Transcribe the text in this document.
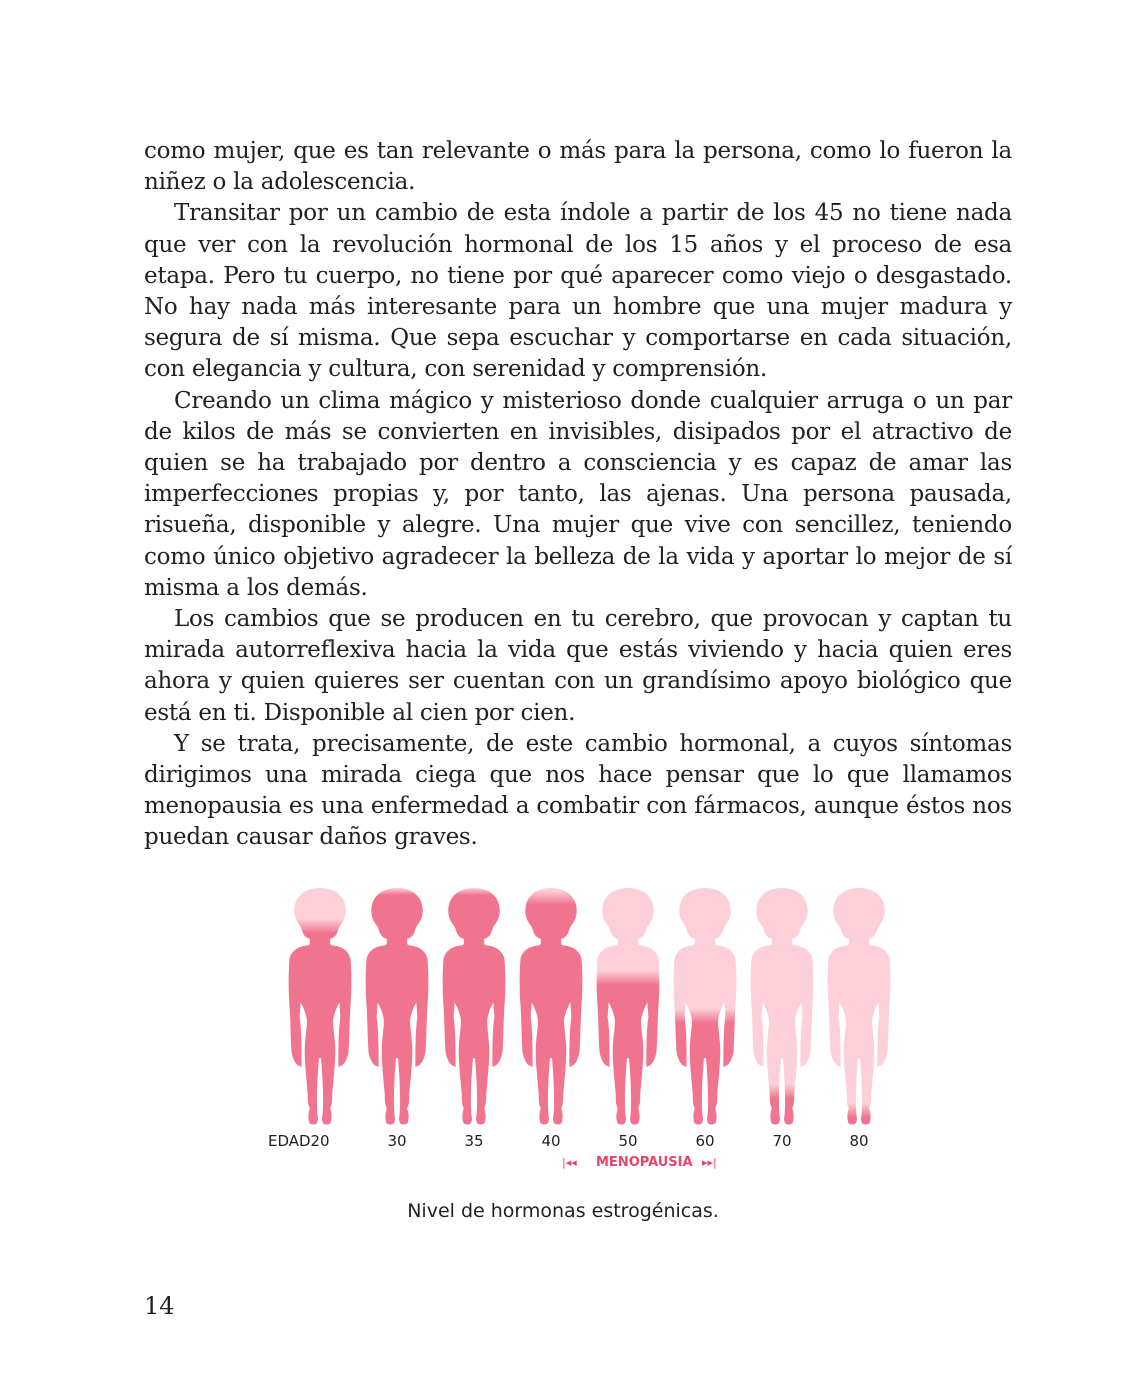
como mujer, que es tan relevante o más para la persona, como lo fueron la niñez o la adolescencia.

Transitar por un cambio de esta índole a partir de los 45 no tiene nada que ver con la revolución hormonal de los 15 años y el proceso de esa etapa. Pero tu cuerpo, no tiene por qué aparecer como viejo o desgastado. No hay nada más interesante para un hombre que una mujer madura y segura de sí misma. Que sepa escuchar y comportarse en cada situación, con elegancia y cultura, con serenidad y comprensión.

Creando un clima mágico y misterioso donde cualquier arruga o un par de kilos de más se convierten en invisibles, disipados por el atractivo de quien se ha trabajado por dentro a consciencia y es capaz de amar las imperfecciones propias y, por tanto, las ajenas. Una persona pausada, risueña, disponible y alegre. Una mujer que vive con sencillez, teniendo como único objetivo agradecer la belleza de la vida y aportar lo mejor de sí misma a los demás.

Los cambios que se producen en tu cerebro, que provocan y captan tu mirada autorreflexiva hacia la vida que estás viviendo y hacia quien eres ahora y quien quieres ser cuentan con un grandísimo apoyo biológico que está en ti. Disponible al cien por cien.

Y se trata, precisamente, de este cambio hormonal, a cuyos síntomas dirigimos una mirada ciega que nos hace pensar que lo que llamamos menopausia es una enfermedad a combatir con fármacos, aunque éstos nos puedan causar daños graves.

EDAD 20	30	35	40	50	60	70	80
|◂◂ MENOPAUSIA ▸▸|
Nivel de hormonas estrogénicas.
14
